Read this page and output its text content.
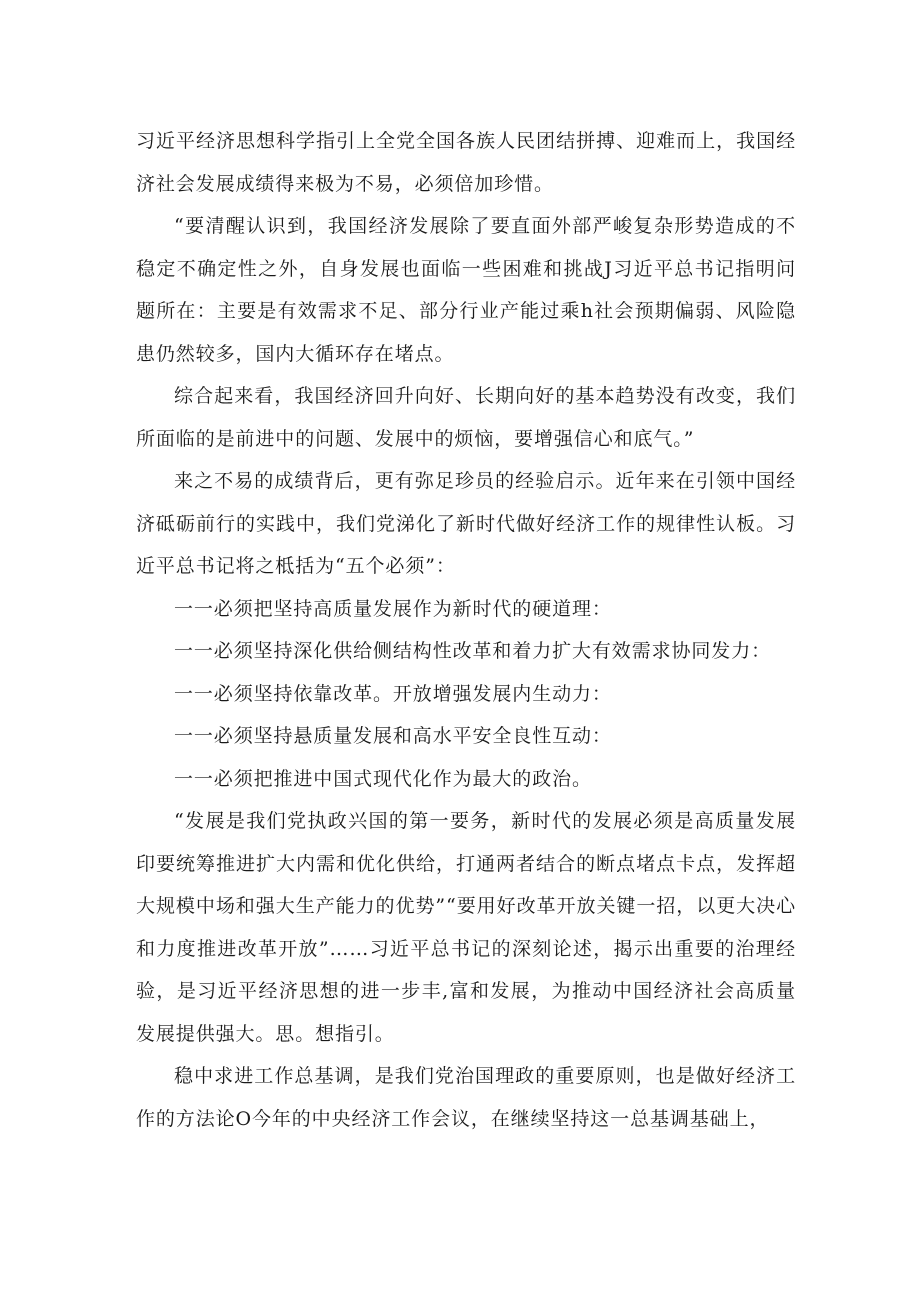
习近平经济思想科学指引上全党全国各族人民团结拼搏、迎难而上，我国经济社会发展成绩得来极为不易，必须倍加珍惜。

“要清醒认识到，我国经济发展除了要直面外部严峻复杂形势造成的不稳定不确定性之外，自身发展也面临一些困难和挑战J习近平总书记指明问题所在：主要是有效需求不足、部分行业产能过乘h社会预期偏弱、风险隐患仍然较多，国内大循环存在堵点。

综合起来看，我国经济回升向好、长期向好的基本趋势没有改变，我们所面临的是前进中的问题、发展中的烦恼，要增强信心和底气。”

来之不易的成绩背后，更有弥足珍员的经验启示。近年来在引领中国经济砥砺前行的实践中，我们党涕化了新时代做好经济工作的规律性认板。习近平总书记将之柢括为“五个必须”：

一一必须把坚持高质量发展作为新时代的硬道理：

一一必须坚持深化供给侧结构性改革和着力扩大有效需求协同发力：

一一必须坚持依靠改革。开放增强发展内生动力：

一一必须坚持悬质量发展和高水平安全良性互动：

一一必须把推进中国式现代化作为最大的政治。

“发展是我们党执政兴国的第一要务，新时代的发展必须是高质量发展印要统筹推进扩大内需和优化供给，打通两者结合的断点堵点卡点，发挥超大规模中场和强大生产能力的优势”“要用好改革开放关键一招，以更大决心和力度推进改革开放”……习近平总书记的深刻论述，揭示出重要的治理经验，是习近平经济思想的进一步丰,富和发展，为推动中国经济社会高质量发展提供强大。思。想指引。

稳中求进工作总基调，是我们党治国理政的重要原则，也是做好经济工作的方法论O今年的中央经济工作会议，在继续坚持这一总基调基础上，
